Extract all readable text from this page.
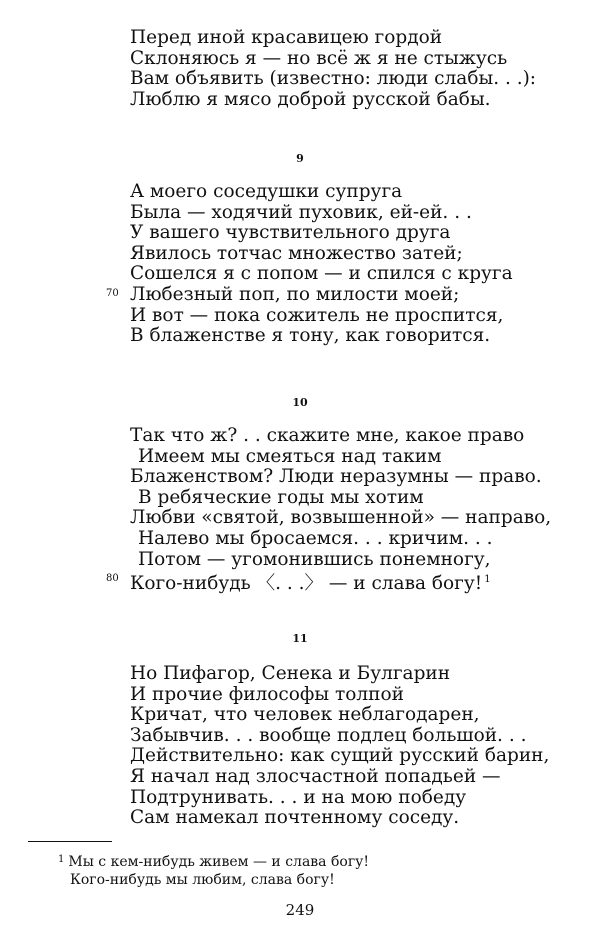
Перед иной красавицею гордой
Склоняюсь я — но всё ж я не стыжусь
Вам объявить (известно: люди слабы. . .):
Люблю я мясо доброй русской бабы.
9
А моего соседушки супруга
Была — ходячий пуховик, ей-ей. . .
У вашего чувствительного друга
Явилось тотчас множество затей;
Сошелся я с попом — и спился с круга
70 Любезный поп, по милости моей;
И вот — пока сожитель не проспится,
В блаженстве я тону, как говорится.
10
Так что ж? . . скажите мне, какое право
Имеем мы смеяться над таким
Блаженством? Люди неразумны — право.
В ребяческие годы мы хотим
Любви «святой, возвышенной» — направо,
Налево мы бросаемся. . . кричим. . .
Потом — угомонившись понемногу,
80 Кого-нибудь 〈. . .〉 — и слава богу! $^1$
11
Но Пифагор, Сенека и Булгарин
И прочие философы толпой
Кричат, что человек неблагодарен,
Забывчив. . . вообще подлец большой. . .
Действительно: как сущий русский барин,
Я начал над злосчастной попадьей —
Подтрунивать. . . и на мою победу
Сам намекал почтенному соседу.
$^1$ Мы с кем-нибудь живем — и слава богу!
Кого-нибудь мы любим, слава богу!
249
